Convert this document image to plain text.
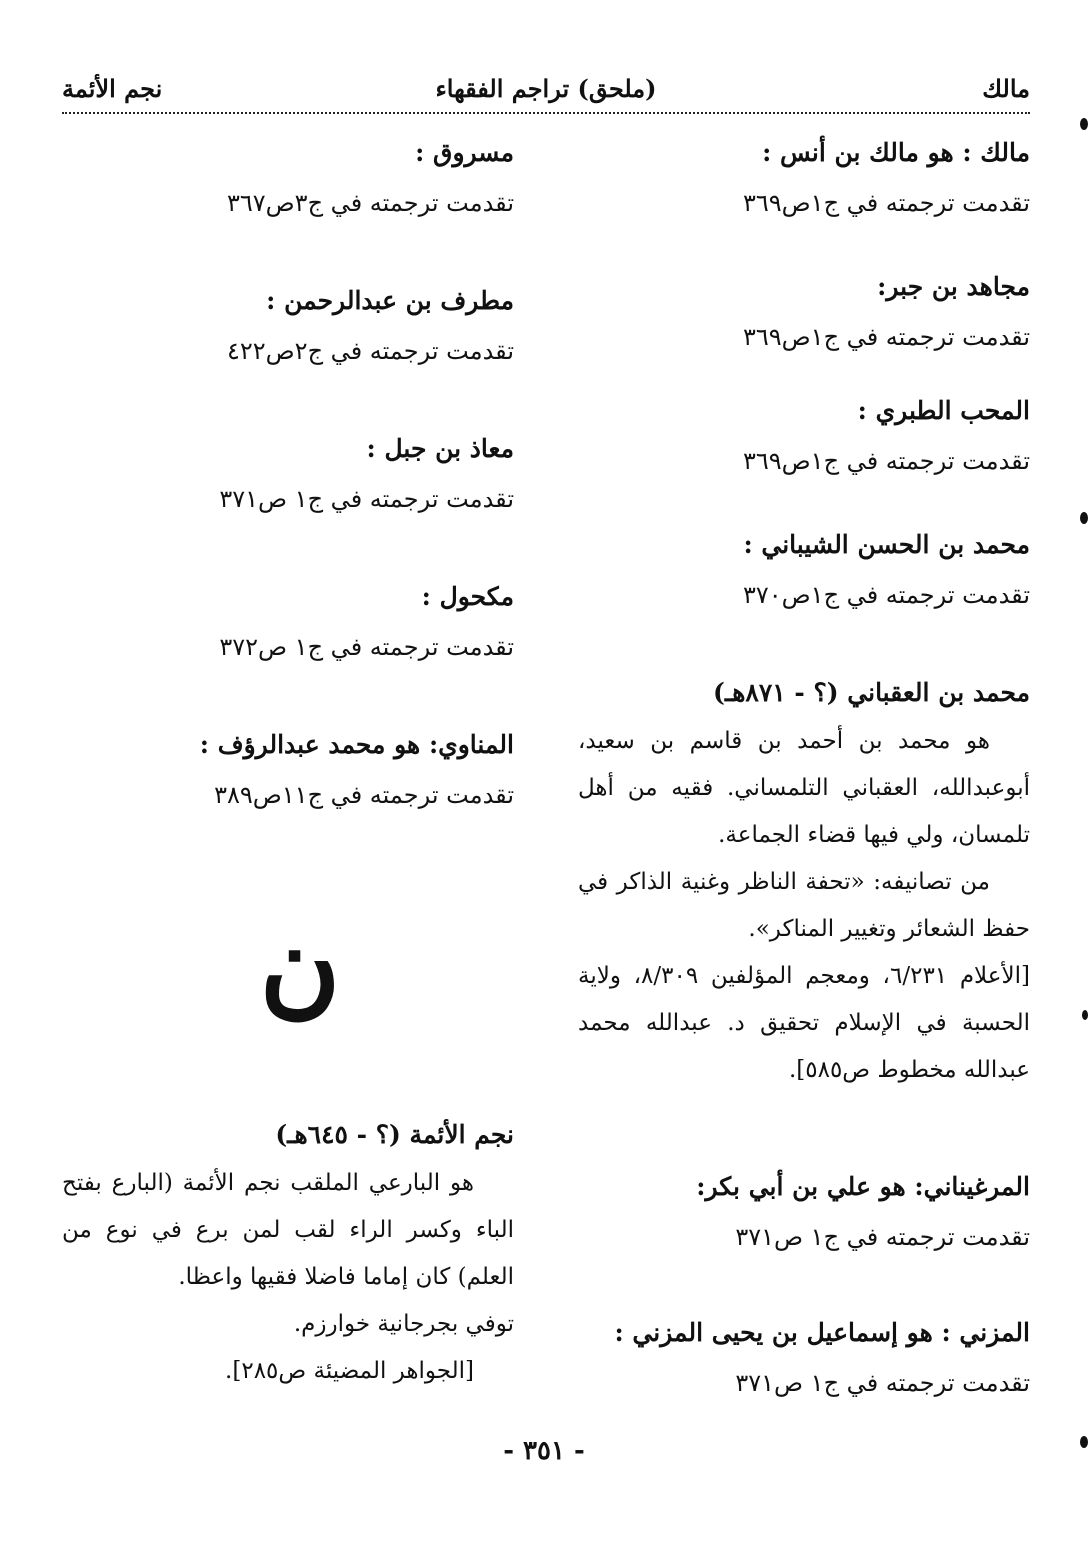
مالك
(ملحق) تراجم الفقهاء
نجم الأئمة
مالك : هو مالك بن أنس :
تقدمت ترجمته في ج١ص٣٦٩
مجاهد بن جبر:
تقدمت ترجمته في ج١ص٣٦٩
المحب الطبري :
تقدمت ترجمته في ج١ص٣٦٩
محمد بن الحسن الشيباني :
تقدمت ترجمته في ج١ص٣٧٠
محمد بن العقباني (؟ - ٨٧١هـ)

هو محمد بن أحمد بن قاسم بن سعيد، أبوعبدالله، العقباني التلمساني. فقيه من أهل تلمسان، ولي فيها قضاء الجماعة.

من تصانيفه: «تحفة الناظر وغنية الذاكر في حفظ الشعائر وتغيير المناكر».

[الأعلام ٦/٢٣١، ومعجم المؤلفين ٨/٣٠٩، ولاية الحسبة في الإسلام تحقيق د. عبدالله محمد عبدالله مخطوط ص٥٨٥].

المرغيناني: هو علي بن أبي بكر:
تقدمت ترجمته في ج١ ص٣٧١
المزني : هو إسماعيل بن يحيى المزني :
تقدمت ترجمته في ج١ ص٣٧١
مسروق :
تقدمت ترجمته في ج٣ص٣٦٧
مطرف بن عبدالرحمن :
تقدمت ترجمته في ج٢ص٤٢٢
معاذ بن جبل :
تقدمت ترجمته في ج١ ص٣٧١
مكحول :
تقدمت ترجمته في ج١ ص٣٧٢
المناوي: هو محمد عبدالرؤف :
تقدمت ترجمته في ج١١ص٣٨٩
نجم الأئمة (؟ - ٦٤٥هـ)

هو البارعي الملقب نجم الأئمة (البارع بفتح الباء وكسر الراء لقب لمن برع في نوع من العلم) كان إماما فاضلا فقيها واعظا.

توفي بجرجانية خوارزم.

[الجواهر المضيئة ص٢٨٥].

ن
- ٣٥١ -
